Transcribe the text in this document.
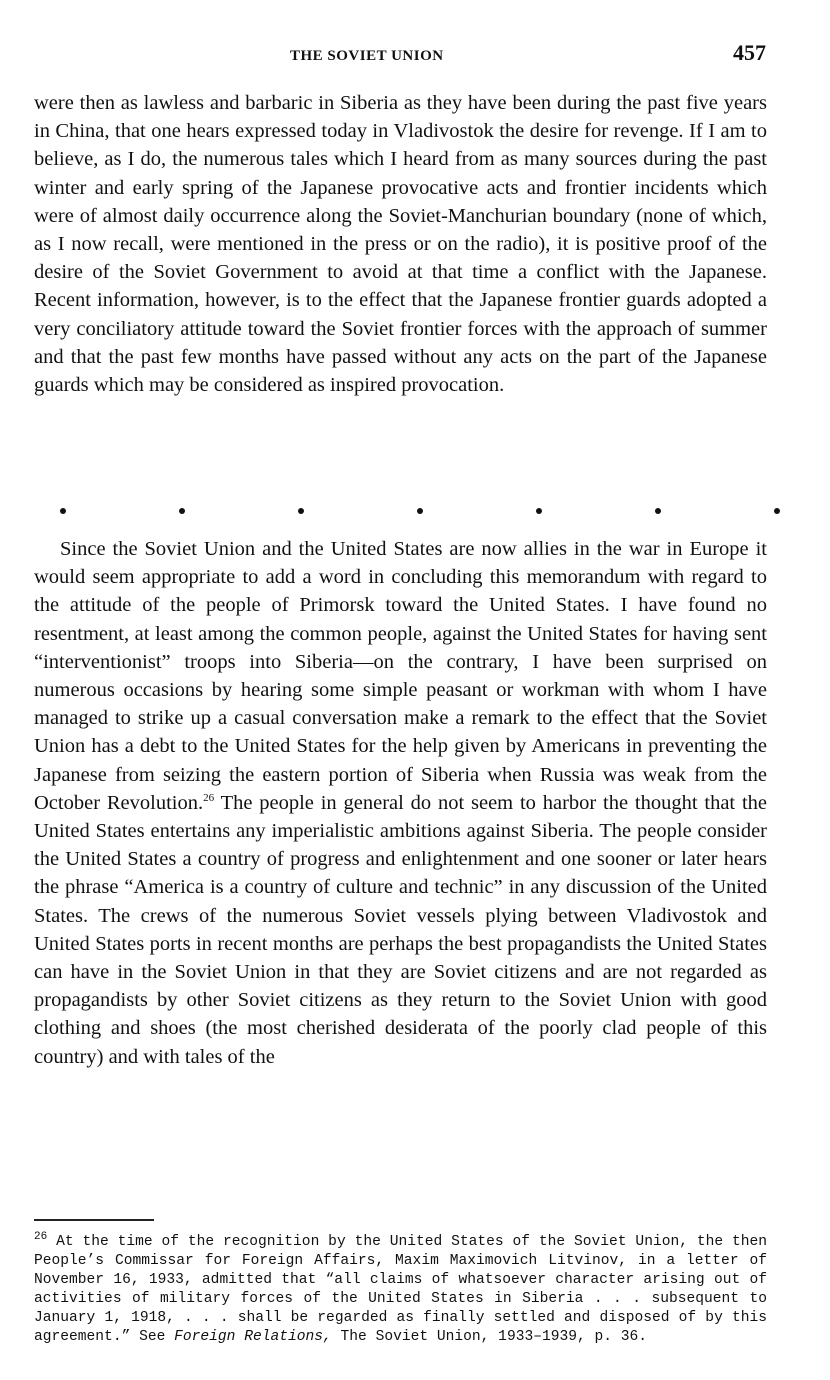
THE SOVIET UNION	457

were then as lawless and barbaric in Siberia as they have been during the past five years in China, that one hears expressed today in Vladivostok the desire for revenge. If I am to believe, as I do, the numerous tales which I heard from as many sources during the past winter and early spring of the Japanese provocative acts and frontier incidents which were of almost daily occurrence along the Soviet-Manchurian boundary (none of which, as I now recall, were mentioned in the press or on the radio), it is positive proof of the desire of the Soviet Government to avoid at that time a conflict with the Japanese. Recent information, however, is to the effect that the Japanese frontier guards adopted a very conciliatory attitude toward the Soviet frontier forces with the approach of summer and that the past few months have passed without any acts on the part of the Japanese guards which may be considered as inspired provocation.

Since the Soviet Union and the United States are now allies in the war in Europe it would seem appropriate to add a word in concluding this memorandum with regard to the attitude of the people of Primorsk toward the United States. I have found no resentment, at least among the common people, against the United States for having sent “interventionist” troops into Siberia—on the contrary, I have been surprised on numerous occasions by hearing some simple peasant or workman with whom I have managed to strike up a casual conversation make a remark to the effect that the Soviet Union has a debt to the United States for the help given by Americans in preventing the Japanese from seizing the eastern portion of Siberia when Russia was weak from the October Revolution.$^{26}$ The people in general do not seem to harbor the thought that the United States entertains any imperialistic ambitions against Siberia. The people consider the United States a country of progress and enlightenment and one sooner or later hears the phrase “America is a country of culture and technic” in any discussion of the United States. The crews of the numerous Soviet vessels plying between Vladivostok and United States ports in recent months are perhaps the best propagandists the United States can have in the Soviet Union in that they are Soviet citizens and are not regarded as propagandists by other Soviet citizens as they return to the Soviet Union with good clothing and shoes (the most cherished desiderata of the poorly clad people of this country) and with tales of the

$^{26}$ At the time of the recognition by the United States of the Soviet Union, the then People’s Commissar for Foreign Affairs, Maxim Maximovich Litvinov, in a letter of November 16, 1933, admitted that “all claims of whatsoever character arising out of activities of military forces of the United States in Siberia . . . subsequent to January 1, 1918, . . . shall be regarded as finally settled and disposed of by this agreement.” See Foreign Relations, The Soviet Union, 1933–1939, p. 36.
